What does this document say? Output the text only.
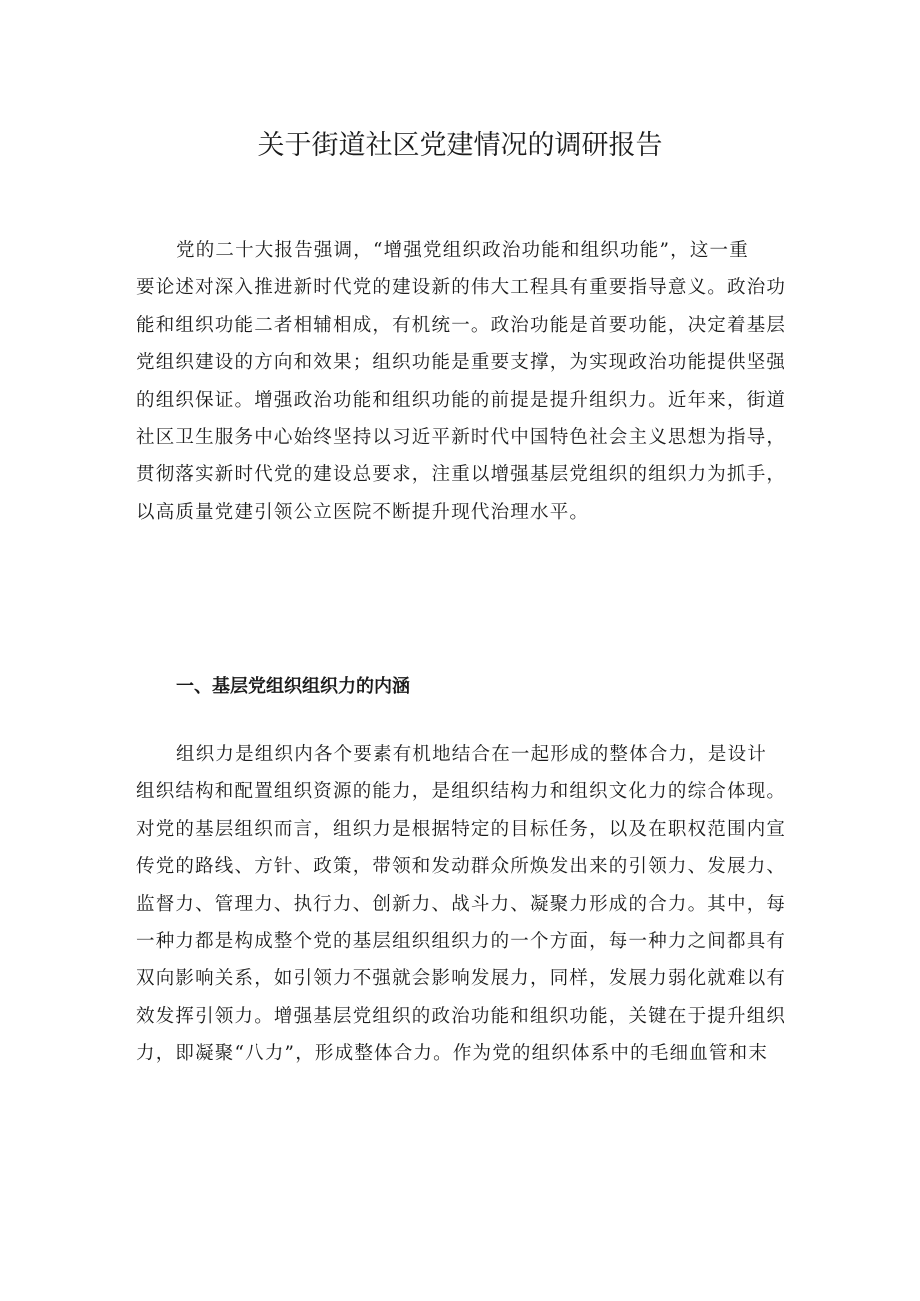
关于街道社区党建情况的调研报告
党的二十大报告强调，“增强党组织政治功能和组织功能”，这一重
要论述对深入推进新时代党的建设新的伟大工程具有重要指导意义。政治功
能和组织功能二者相辅相成，有机统一。政治功能是首要功能，决定着基层
党组织建设的方向和效果；组织功能是重要支撑，为实现政治功能提供坚强
的组织保证。增强政治功能和组织功能的前提是提升组织力。近年来，街道
社区卫生服务中心始终坚持以习近平新时代中国特色社会主义思想为指导，
贯彻落实新时代党的建设总要求，注重以增强基层党组织的组织力为抓手，
以高质量党建引领公立医院不断提升现代治理水平。
一、基层党组织组织力的内涵
组织力是组织内各个要素有机地结合在一起形成的整体合力，是设计
组织结构和配置组织资源的能力，是组织结构力和组织文化力的综合体现。
对党的基层组织而言，组织力是根据特定的目标任务，以及在职权范围内宣
传党的路线、方针、政策，带领和发动群众所焕发出来的引领力、发展力、
监督力、管理力、执行力、创新力、战斗力、凝聚力形成的合力。其中，每
一种力都是构成整个党的基层组织组织力的一个方面，每一种力之间都具有
双向影响关系，如引领力不强就会影响发展力，同样，发展力弱化就难以有
效发挥引领力。增强基层党组织的政治功能和组织功能，关键在于提升组织
力，即凝聚“八力”，形成整体合力。作为党的组织体系中的毛细血管和末
